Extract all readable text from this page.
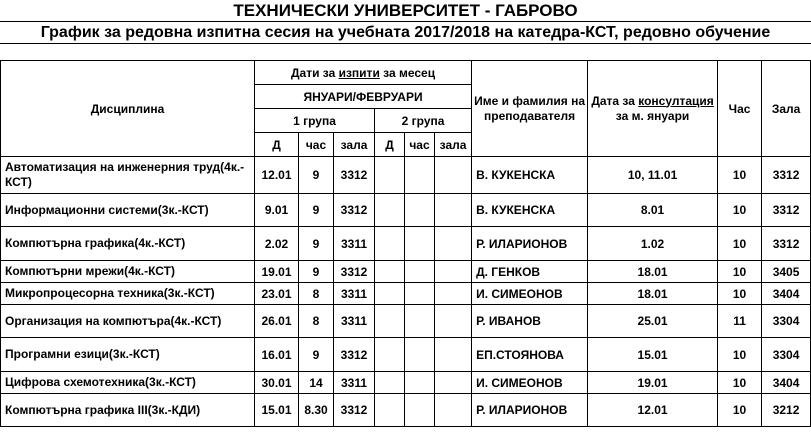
ТЕХНИЧЕСКИ УНИВЕРСИТЕТ - ГАБРОВО
График за редовна изпитна сесия на учебната 2017/2018 на катедра-КСТ, редовно обучение
Дисциплина	Дати за изпити за месец						Име и фамилия на преподавателя	Дата за консултация за м. януари	Час	Зала
	ЯНУАРИ/ФЕВРУАРИ									
	1 група			2 група						
	Д	час	зала	Д	час	зала				
Автоматизация на инженерния труд(4к.- КСТ)	12.01	9	3312				В. КУКЕНСКА	10, 11.01	10	3312
Информационни системи(3к.-КСТ)	9.01	9	3312				В. КУКЕНСКА	8.01	10	3312
Компютърна графика(4к.-КСТ)	2.02	9	3311				Р. ИЛАРИОНОВ	1.02	10	3312
Компютърни мрежи(4к.-КСТ)	19.01	9	3312				Д. ГЕНКОВ	18.01	10	3405
Микропроцесорна техника(3к.-КСТ)	23.01	8	3311				И. СИМЕОНОВ	18.01	10	3404
Организация на компютъра(4к.-КСТ)	26.01	8	3311				Р. ИВАНОВ	25.01	11	3304
Програмни езици(3к.-КСТ)	16.01	9	3312				ЕП.СТОЯНОВА	15.01	10	3304
Цифрова схемотехника(3к.-КСТ)	30.01	14	3311				И. СИМЕОНОВ	19.01	10	3404
Компютърна графика III(3к.-КДИ)	15.01	8.30	3312				Р. ИЛАРИОНОВ	12.01	10	3212
